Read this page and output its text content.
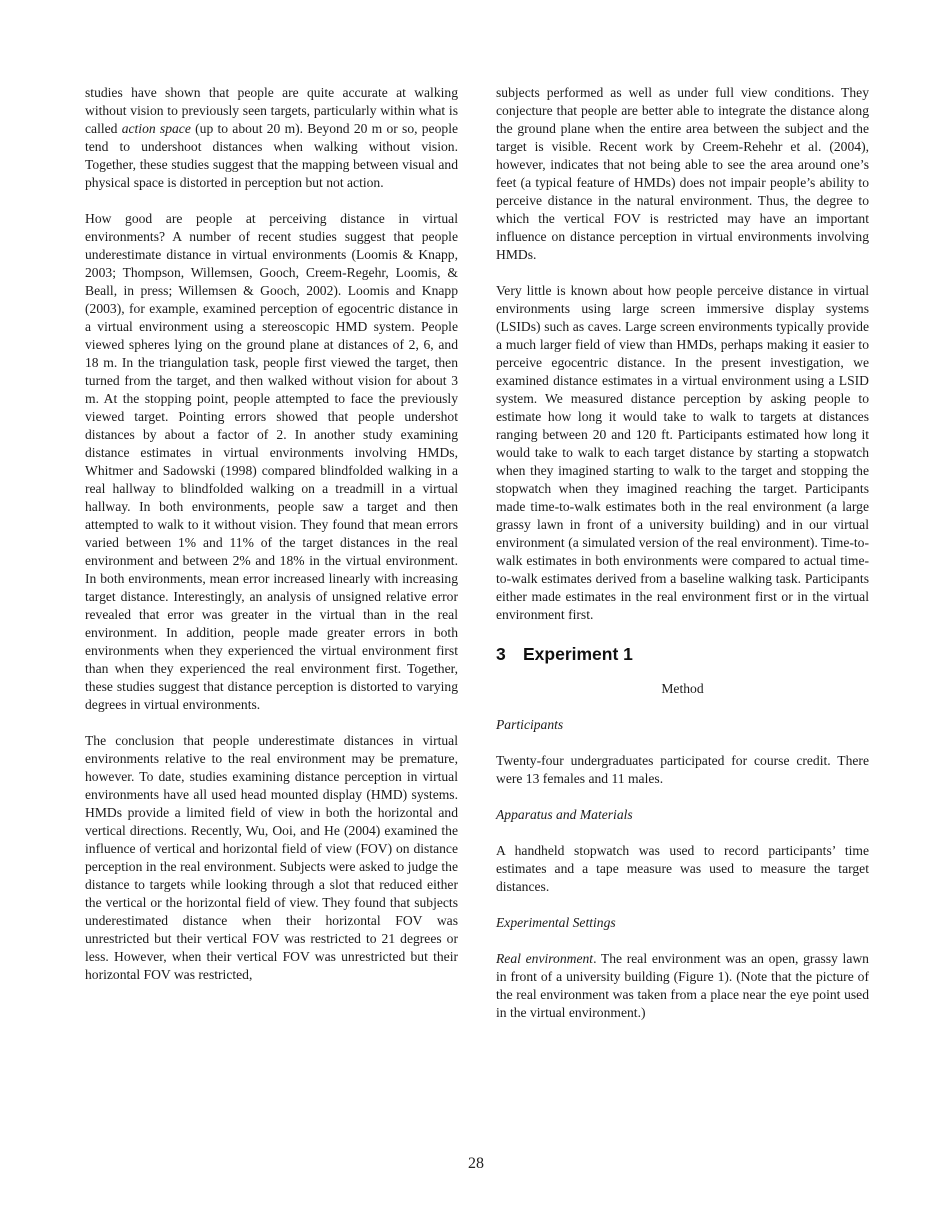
studies have shown that people are quite accurate at walking without vision to previously seen targets, particularly within what is called action space (up to about 20 m). Beyond 20 m or so, people tend to undershoot distances when walking without vision. Together, these studies suggest that the mapping between visual and physical space is distorted in perception but not action.

How good are people at perceiving distance in virtual environments? A number of recent studies suggest that people underestimate distance in virtual environments (Loomis & Knapp, 2003; Thompson, Willemsen, Gooch, Creem-Regehr, Loomis, & Beall, in press; Willemsen & Gooch, 2002). Loomis and Knapp (2003), for example, examined perception of egocentric distance in a virtual environment using a stereoscopic HMD system. People viewed spheres lying on the ground plane at distances of 2, 6, and 18 m. In the triangulation task, people first viewed the target, then turned from the target, and then walked without vision for about 3 m. At the stopping point, people attempted to face the previously viewed target. Pointing errors showed that people undershot distances by about a factor of 2. In another study examining distance estimates in virtual environments involving HMDs, Whitmer and Sadowski (1998) compared blindfolded walking in a real hallway to blindfolded walking on a treadmill in a virtual hallway. In both environments, people saw a target and then attempted to walk to it without vision. They found that mean errors varied between 1% and 11% of the target distances in the real environment and between 2% and 18% in the virtual environment. In both environments, mean error increased linearly with increasing target distance. Interestingly, an analysis of unsigned relative error revealed that error was greater in the virtual than in the real environment. In addition, people made greater errors in both environments when they experienced the virtual environment first than when they experienced the real environment first. Together, these studies suggest that distance perception is distorted to varying degrees in virtual environments.

The conclusion that people underestimate distances in virtual environments relative to the real environment may be premature, however. To date, studies examining distance perception in virtual environments have all used head mounted display (HMD) systems. HMDs provide a limited field of view in both the horizontal and vertical directions. Recently, Wu, Ooi, and He (2004) examined the influence of vertical and horizontal field of view (FOV) on distance perception in the real environment. Subjects were asked to judge the distance to targets while looking through a slot that reduced either the vertical or the horizontal field of view. They found that subjects underestimated distance when their horizontal FOV was unrestricted but their vertical FOV was restricted to 21 degrees or less. However, when their vertical FOV was unrestricted but their horizontal FOV was restricted,

subjects performed as well as under full view conditions. They conjecture that people are better able to integrate the distance along the ground plane when the entire area between the subject and the target is visible. Recent work by Creem-Rehehr et al. (2004), however, indicates that not being able to see the area around one’s feet (a typical feature of HMDs) does not impair people’s ability to perceive distance in the natural environment. Thus, the degree to which the vertical FOV is restricted may have an important influence on distance perception in virtual environments involving HMDs.

Very little is known about how people perceive distance in virtual environments using large screen immersive display systems (LSIDs) such as caves. Large screen environments typically provide a much larger field of view than HMDs, perhaps making it easier to perceive egocentric distance. In the present investigation, we examined distance estimates in a virtual environment using a LSID system. We measured distance perception by asking people to estimate how long it would take to walk to targets at distances ranging between 20 and 120 ft. Participants estimated how long it would take to walk to each target distance by starting a stopwatch when they imagined starting to walk to the target and stopping the stopwatch when they imagined reaching the target. Participants made time-to-walk estimates both in the real environment (a large grassy lawn in front of a university building) and in our virtual environment (a simulated version of the real environment). Time-to-walk estimates in both environments were compared to actual time-to-walk estimates derived from a baseline walking task. Participants either made estimates in the real environment first or in the virtual environment first.

3 Experiment 1
Method
Participants

Twenty-four undergraduates participated for course credit. There were 13 females and 11 males.

Apparatus and Materials

A handheld stopwatch was used to record participants’ time estimates and a tape measure was used to measure the target distances.

Experimental Settings

Real environment. The real environment was an open, grassy lawn in front of a university building (Figure 1). (Note that the picture of the real environment was taken from a place near the eye point used in the virtual environment.)

28
